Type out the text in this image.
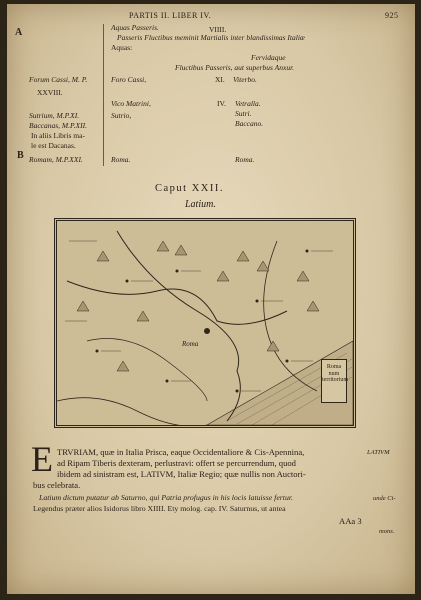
A
PARTIS II. LIBER IV.	925
Forum Cassi, M. P.
XXVIII.
Sutrium, M.P.XI.
Baccanas, M.P.XII.
In aliis Libris ma-
le est Dacanas.
B Romam, M.P.XXI.
Aquas Passeris.
Passeris Fluctibus meminit Martialis inter blandissimas Italiæ
Aquas:
Fervidaque
Fluctibus Passeris, aut superbus Anxur.
Foro Cassi,
Vico Matrini,
Sutrio,
Roma.
VIIII.
XI. Viterbo.
IV. Vetralla.
Sutri.
Baccano.
Roma.
Caput XXII.
Latium.
Roma
Roma num territorium
E TRVRIAM, quæ in Italia Prisca, eaque Occidentaliore & Cis-Apennina,
ad Ripam Tiberis dexteram, perlustravi: offert se percurrendum, quod
ibidem ad sinistram est, LATIVM, Italiæ Regio; quæ nullis non Auctori-
bus celebrata.
Latium dictum putatur ab Saturno, qui Patria profugus in his locis latuisse fertur.
Legendus præter alios Isidorus libro XIIII. Ety molog. cap. IV. Saturnus, ut antea
AAa 3
LATIVM
unde Ci-
mons.
